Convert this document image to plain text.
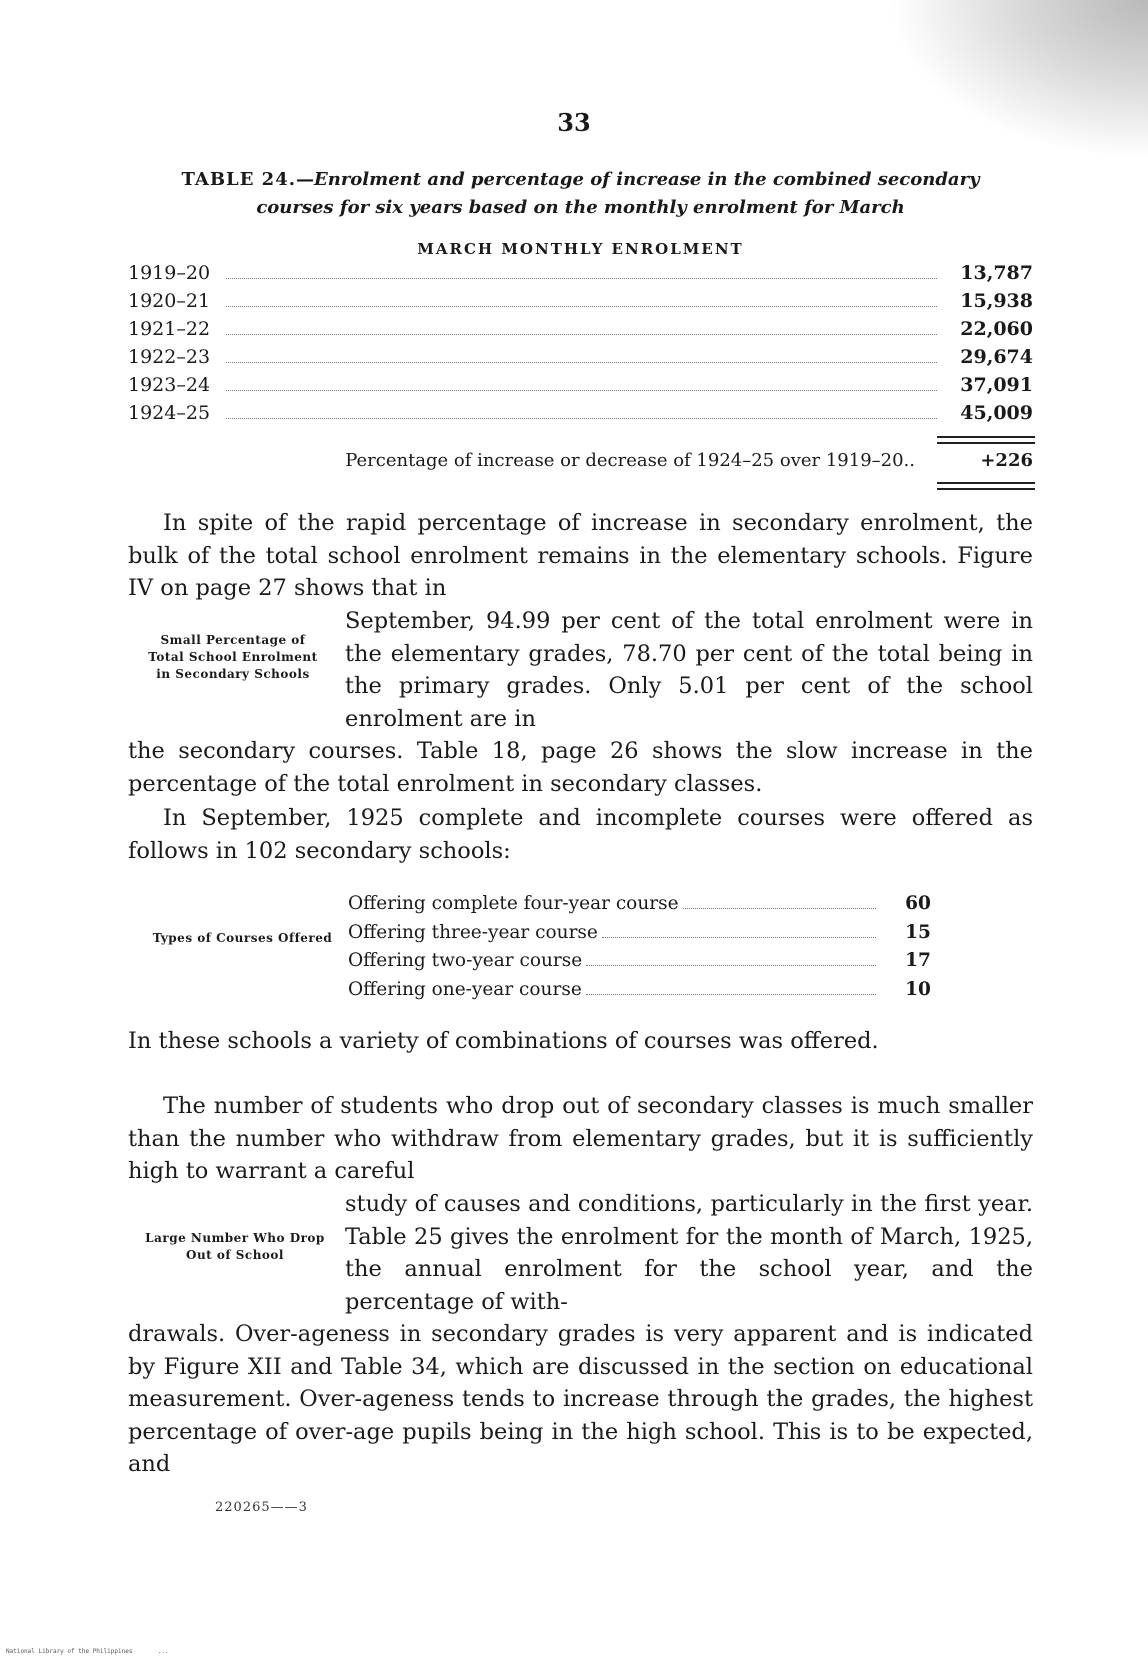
33
TABLE 24.—Enrolment and percentage of increase in the combined secondary
courses for six years based on the monthly enrolment for March
MARCH MONTHLY ENROLMENT
1919–20	13,787
1920–21	15,938
1921–22	22,060
1922–23	29,674
1923–24	37,091
1924–25	45,009
Percentage of increase or decrease of 1924–25 over 1919–20..	+226

In spite of the rapid percentage of increase in secondary enrolment, the bulk of the total school enrolment remains in the elementary schools. Figure IV on page 27 shows that in

Small Percentage of Total School Enrolment in Secondary Schools

September, 94.99 per cent of the total enrolment were in the elementary grades, 78.70 per cent of the total being in the primary grades. Only 5.01 per cent of the school enrolment are in

the secondary courses. Table 18, page 26 shows the slow increase in the percentage of the total enrolment in secondary classes.

In September, 1925 complete and incomplete courses were offered as follows in 102 secondary schools:

Types of Courses Offered
Offering complete four-year course	60
Offering three-year course	15
Offering two-year course	17
Offering one-year course	10

In these schools a variety of combinations of courses was offered.

The number of students who drop out of secondary classes is much smaller than the number who withdraw from elementary grades, but it is sufficiently high to warrant a careful

Large Number Who Drop Out of School

study of causes and conditions, particularly in the first year. Table 25 gives the enrolment for the month of March, 1925, the annual enrolment for the school year, and the percentage of with-

drawals. Over-ageness in secondary grades is very apparent and is indicated by Figure XII and Table 34, which are discussed in the section on educational measurement. Over-ageness tends to increase through the grades, the highest percentage of over-age pupils being in the high school. This is to be expected, and

220265——3
National Library of the Philippines       ...
